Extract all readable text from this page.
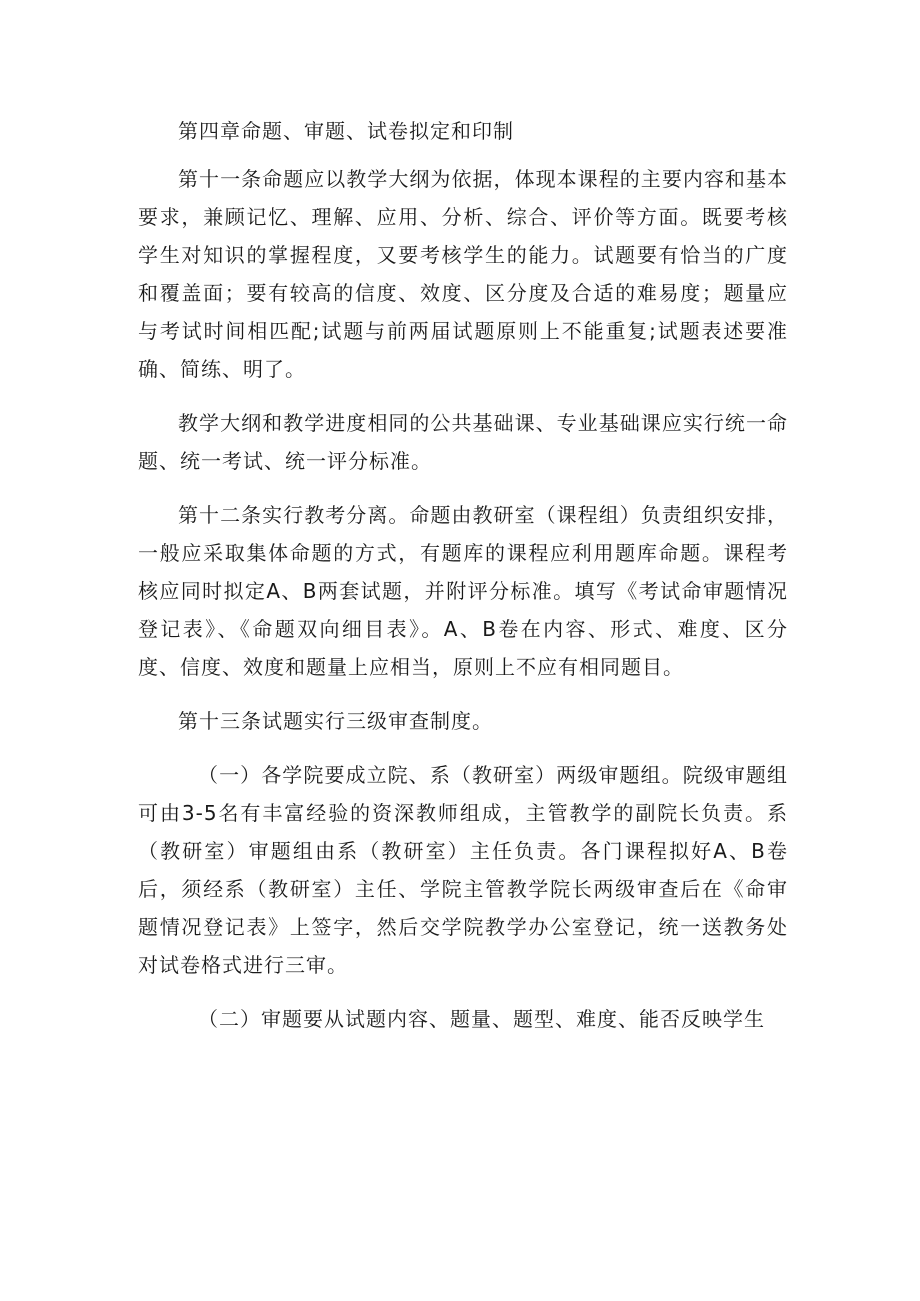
第四章命题、审题、试卷拟定和印制

第十一条命题应以教学大纲为依据，体现本课程的主要内容和基本要求，兼顾记忆、理解、应用、分析、综合、评价等方面。既要考核学生对知识的掌握程度，又要考核学生的能力。试题要有恰当的广度和覆盖面；要有较高的信度、效度、区分度及合适的难易度；题量应与考试时间相匹配;试题与前两届试题原则上不能重复;试题表述要准确、简练、明了。

教学大纲和教学进度相同的公共基础课、专业基础课应实行统一命题、统一考试、统一评分标准。

第十二条实行教考分离。命题由教研室（课程组）负责组织安排，一般应采取集体命题的方式，有题库的课程应利用题库命题。课程考核应同时拟定A、B两套试题，并附评分标准。填写《考试命审题情况登记表》、《命题双向细目表》。A、B卷在内容、形式、难度、区分度、信度、效度和题量上应相当，原则上不应有相同题目。

第十三条试题实行三级审查制度。

（一）各学院要成立院、系（教研室）两级审题组。院级审题组可由3-5名有丰富经验的资深教师组成，主管教学的副院长负责。系（教研室）审题组由系（教研室）主任负责。各门课程拟好A、B卷后，须经系（教研室）主任、学院主管教学院长两级审查后在《命审题情况登记表》上签字，然后交学院教学办公室登记，统一送教务处对试卷格式进行三审。

（二）审题要从试题内容、题量、题型、难度、能否反映学生
